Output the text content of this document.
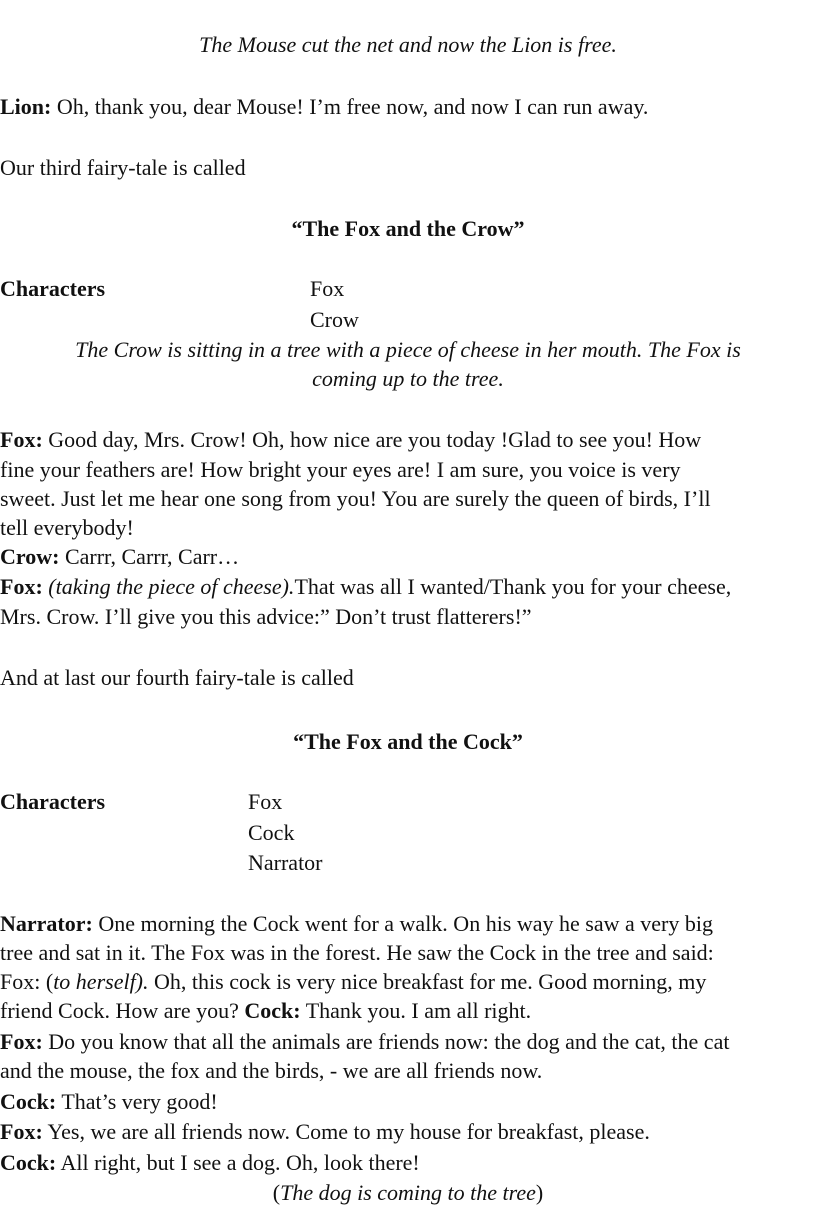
The Mouse cut the net and now the Lion is free.
Lion: Oh, thank you, dear Mouse! I’m free now, and now I can run away.
Our third fairy-tale is called
“The Fox and the Crow”
Characters	Fox
Crow
The Crow is sitting in a tree with a piece of cheese in her mouth. The Fox is
coming up to the tree.
Fox: Good day, Mrs. Crow! Oh, how nice are you today !Glad to see you! How
fine your feathers are! How bright your eyes are! I am sure, you voice is very
sweet. Just let me hear one song from you! You are surely the queen of birds, I’ll
tell everybody!
Crow: Carrr, Carrr, Carr…
Fox: (taking the piece of cheese).That was all I wanted/Thank you for your cheese,
Mrs. Crow. I’ll give you this advice:” Don’t trust flatterers!”
And at last our fourth fairy-tale is called
“The Fox and the Cock”
Characters	Fox
Cock
Narrator
Narrator: One morning the Cock went for a walk. On his way he saw a very big
tree and sat in it. The Fox was in the forest. He saw the Cock in the tree and said:
Fox: (to herself). Oh, this cock is very nice breakfast for me. Good morning, my
friend Cock. How are you? Cock: Thank you. I am all right.
Fox: Do you know that all the animals are friends now: the dog and the cat, the cat
and the mouse, the fox and the birds, - we are all friends now.
Cock: That’s very good!
Fox: Yes, we are all friends now. Come to my house for breakfast, please.
Cock: All right, but I see a dog. Oh, look there!
(The dog is coming to the tree)
